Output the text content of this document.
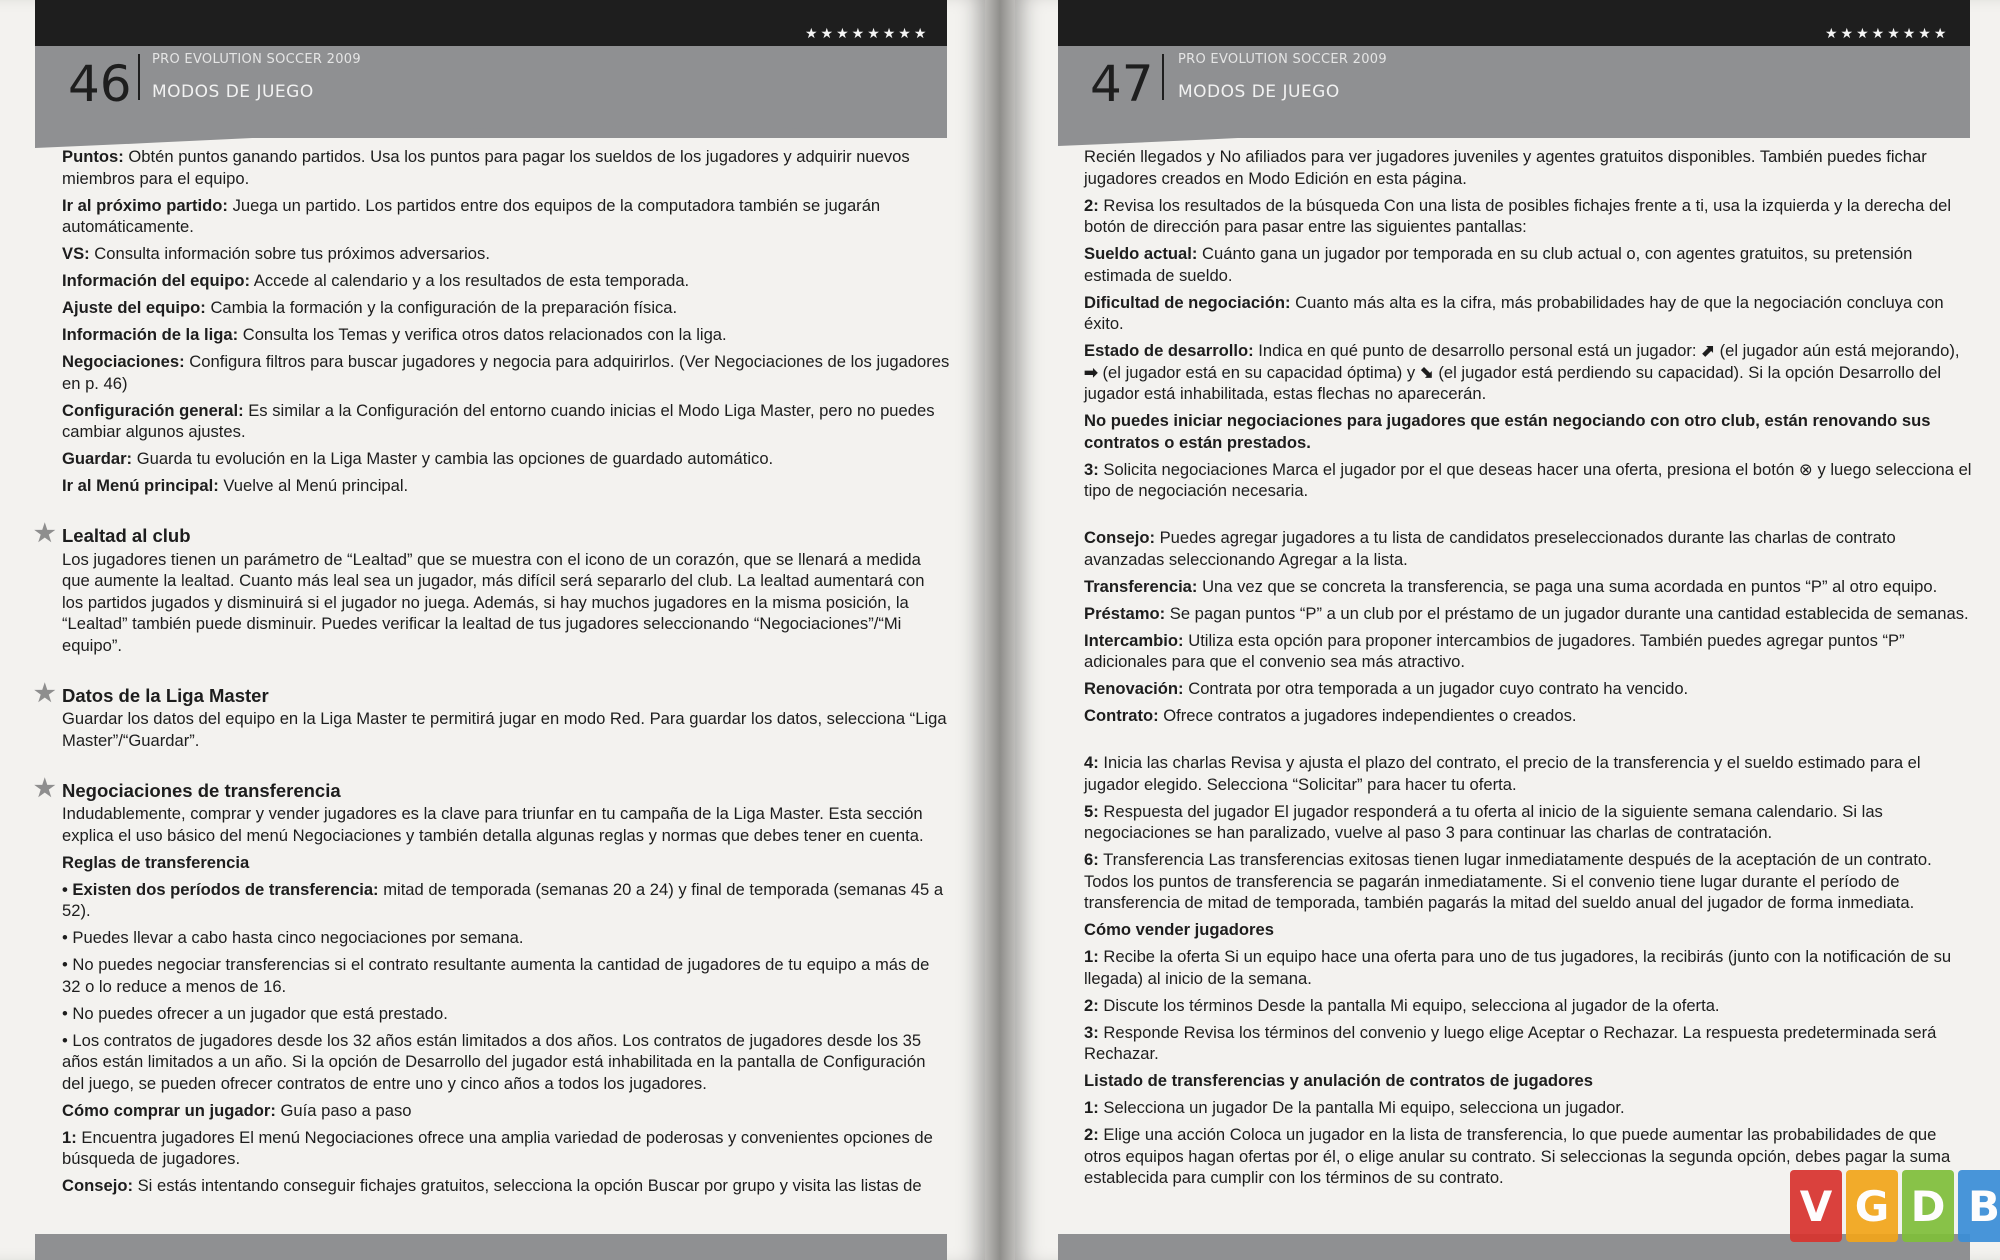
★★★★★★★★
46 PRO EVOLUTION SOCCER 2009
MODOS DE JUEGO
★★★★★★★★
47 PRO EVOLUTION SOCCER 2009
MODOS DE JUEGO

Puntos: Obtén puntos ganando partidos. Usa los puntos para pagar los sueldos de los jugadores y adquirir nuevos miembros para el equipo.

Ir al próximo partido: Juega un partido. Los partidos entre dos equipos de la computadora también se jugarán automáticamente.

VS: Consulta información sobre tus próximos adversarios.

Información del equipo: Accede al calendario y a los resultados de esta temporada.

Ajuste del equipo: Cambia la formación y la configuración de la preparación física.

Información de la liga: Consulta los Temas y verifica otros datos relacionados con la liga.

Negociaciones: Configura filtros para buscar jugadores y negocia para adquirirlos. (Ver Negociaciones de los jugadores en p. 46)

Configuración general: Es similar a la Configuración del entorno cuando inicias el Modo Liga Master, pero no puedes cambiar algunos ajustes.

Guardar: Guarda tu evolución en la Liga Master y cambia las opciones de guardado automático.

Ir al Menú principal: Vuelve al Menú principal.

★ Lealtad al club

Los jugadores tienen un parámetro de “Lealtad” que se muestra con el icono de un corazón, que se llenará a medida que aumente la lealtad. Cuanto más leal sea un jugador, más difícil será separarlo del club. La lealtad aumentará con los partidos jugados y disminuirá si el jugador no juega. Además, si hay muchos jugadores en la misma posición, la “Lealtad” también puede disminuir. Puedes verificar la lealtad de tus jugadores seleccionando “Negociaciones”/“Mi equipo”.

★ Datos de la Liga Master

Guardar los datos del equipo en la Liga Master te permitirá jugar en modo Red. Para guardar los datos, selecciona “Liga Master”/“Guardar”.

★ Negociaciones de transferencia

Indudablemente, comprar y vender jugadores es la clave para triunfar en tu campaña de la Liga Master. Esta sección explica el uso básico del menú Negociaciones y también detalla algunas reglas y normas que debes tener en cuenta.

Reglas de transferencia

• Existen dos períodos de transferencia: mitad de temporada (semanas 20 a 24) y final de temporada (semanas 45 a 52).

• Puedes llevar a cabo hasta cinco negociaciones por semana.

• No puedes negociar transferencias si el contrato resultante aumenta la cantidad de jugadores de tu equipo a más de 32 o lo reduce a menos de 16.

• No puedes ofrecer a un jugador que está prestado.

• Los contratos de jugadores desde los 32 años están limitados a dos años. Los contratos de jugadores desde los 35 años están limitados a un año. Si la opción de Desarrollo del jugador está inhabilitada en la pantalla de Configuración del juego, se pueden ofrecer contratos de entre uno y cinco años a todos los jugadores.

Cómo comprar un jugador: Guía paso a paso

1: Encuentra jugadores El menú Negociaciones ofrece una amplia variedad de poderosas y convenientes opciones de búsqueda de jugadores.

Consejo: Si estás intentando conseguir fichajes gratuitos, selecciona la opción Buscar por grupo y visita las listas de

Recién llegados y No afiliados para ver jugadores juveniles y agentes gratuitos disponibles. También puedes fichar jugadores creados en Modo Edición en esta página.

2: Revisa los resultados de la búsqueda Con una lista de posibles fichajes frente a ti, usa la izquierda y la derecha del botón de dirección para pasar entre las siguientes pantallas:

Sueldo actual: Cuánto gana un jugador por temporada en su club actual o, con agentes gratuitos, su pretensión estimada de sueldo.

Dificultad de negociación: Cuanto más alta es la cifra, más probabilidades hay de que la negociación concluya con éxito.

Estado de desarrollo: Indica en qué punto de desarrollo personal está un jugador: ⬈ (el jugador aún está mejorando), ➡ (el jugador está en su capacidad óptima) y ⬊ (el jugador está perdiendo su capacidad). Si la opción Desarrollo del jugador está inhabilitada, estas flechas no aparecerán.

No puedes iniciar negociaciones para jugadores que están negociando con otro club, están renovando sus contratos o están prestados.

3: Solicita negociaciones Marca el jugador por el que deseas hacer una oferta, presiona el botón ⊗ y luego selecciona el tipo de negociación necesaria.

Consejo: Puedes agregar jugadores a tu lista de candidatos preseleccionados durante las charlas de contrato avanzadas seleccionando Agregar a la lista.

Transferencia: Una vez que se concreta la transferencia, se paga una suma acordada en puntos “P” al otro equipo.

Préstamo: Se pagan puntos “P” a un club por el préstamo de un jugador durante una cantidad establecida de semanas.

Intercambio: Utiliza esta opción para proponer intercambios de jugadores. También puedes agregar puntos “P” adicionales para que el convenio sea más atractivo.

Renovación: Contrata por otra temporada a un jugador cuyo contrato ha vencido.

Contrato: Ofrece contratos a jugadores independientes o creados.

4: Inicia las charlas Revisa y ajusta el plazo del contrato, el precio de la transferencia y el sueldo estimado para el jugador elegido. Selecciona “Solicitar” para hacer tu oferta.

5: Respuesta del jugador El jugador responderá a tu oferta al inicio de la siguiente semana calendario. Si las negociaciones se han paralizado, vuelve al paso 3 para continuar las charlas de contratación.

6: Transferencia Las transferencias exitosas tienen lugar inmediatamente después de la aceptación de un contrato. Todos los puntos de transferencia se pagarán inmediatamente. Si el convenio tiene lugar durante el período de transferencia de mitad de temporada, también pagarás la mitad del sueldo anual del jugador de forma inmediata.

Cómo vender jugadores

1: Recibe la oferta Si un equipo hace una oferta para uno de tus jugadores, la recibirás (junto con la notificación de su llegada) al inicio de la semana.

2: Discute los términos Desde la pantalla Mi equipo, selecciona al jugador de la oferta.

3: Responde Revisa los términos del convenio y luego elige Aceptar o Rechazar. La respuesta predeterminada será Rechazar.

Listado de transferencias y anulación de contratos de jugadores

1: Selecciona un jugador De la pantalla Mi equipo, selecciona un jugador.

2: Elige una acción Coloca un jugador en la lista de transferencia, lo que puede aumentar las probabilidades de que otros equipos hagan ofertas por él, o elige anular su contrato. Si seleccionas la segunda opción, debes pagar la suma establecida para cumplir con los términos de su contrato.

V G D B
